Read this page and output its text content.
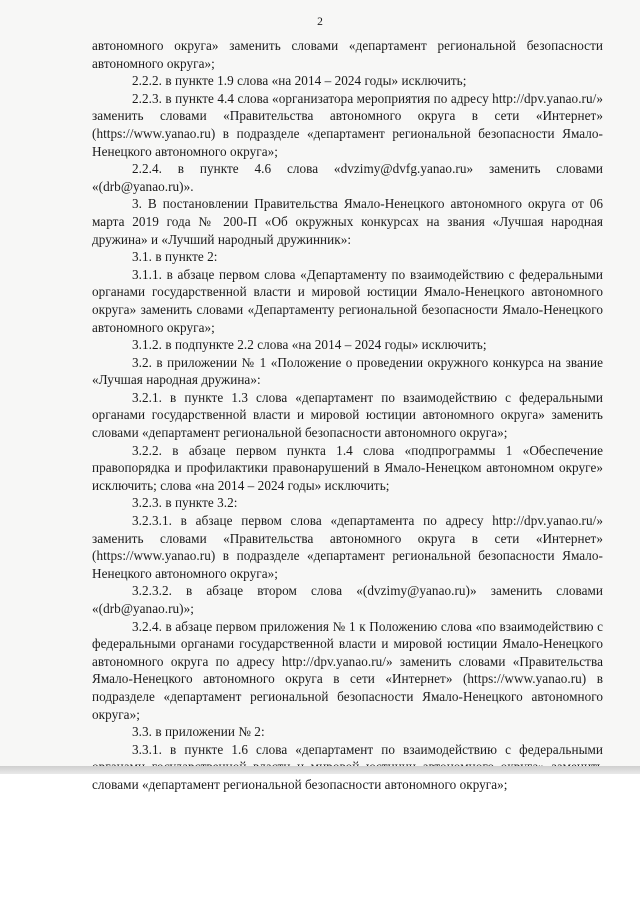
2

автономного округа» заменить словами «департамент региональной безопасности автономного округа»;

2.2.2. в пункте 1.9 слова «на 2014 – 2024 годы» исключить;

2.2.3. в пункте 4.4 слова «организатора мероприятия по адресу http://dpv.yanao.ru/» заменить словами «Правительства автономного округа в сети «Интернет» (https://www.yanao.ru) в подразделе «департамент региональной безопасности Ямало-Ненецкого автономного округа»;

2.2.4. в пункте 4.6 слова «dvzimy@dvfg.yanao.ru» заменить словами «(drb@yanao.ru)».

3. В постановлении Правительства Ямало-Ненецкого автономного округа от 06 марта 2019 года № 200-П «Об окружных конкурсах на звания «Лучшая народная дружина» и «Лучший народный дружинник»:

3.1. в пункте 2:

3.1.1. в абзаце первом слова «Департаменту по взаимодействию с федеральными органами государственной власти и мировой юстиции Ямало-Ненецкого автономного округа» заменить словами «Департаменту региональной безопасности Ямало-Ненецкого автономного округа»;

3.1.2. в подпункте 2.2 слова «на 2014 – 2024 годы» исключить;

3.2. в приложении № 1 «Положение о проведении окружного конкурса на звание «Лучшая народная дружина»:

3.2.1. в пункте 1.3 слова «департамент по взаимодействию с федеральными органами государственной власти и мировой юстиции автономного округа» заменить словами «департамент региональной безопасности автономного округа»;

3.2.2. в абзаце первом пункта 1.4 слова «подпрограммы 1 «Обеспечение правопорядка и профилактики правонарушений в Ямало-Ненецком автономном округе» исключить; слова «на 2014 – 2024 годы» исключить;

3.2.3. в пункте 3.2:

3.2.3.1. в абзаце первом слова «департамента по адресу http://dpv.yanao.ru/» заменить словами «Правительства автономного округа в сети «Интернет» (https://www.yanao.ru) в подразделе «департамент региональной безопасности Ямало-Ненецкого автономного округа»;

3.2.3.2. в абзаце втором слова «(dvzimy@yanao.ru)» заменить словами «(drb@yanao.ru)»;

3.2.4. в абзаце первом приложения № 1 к Положению слова «по взаимодействию с федеральными органами государственной власти и мировой юстиции Ямало-Ненецкого автономного округа по адресу http://dpv.yanao.ru/» заменить словами «Правительства Ямало-Ненецкого автономного округа в сети «Интернет» (https://www.yanao.ru) в подразделе «департамент региональной безопасности Ямало-Ненецкого автономного округа»;

3.3. в приложении № 2:

3.3.1. в пункте 1.6 слова «департамент по взаимодействию с федеральными словами «департамент региональной безопасности автономного округа»;
